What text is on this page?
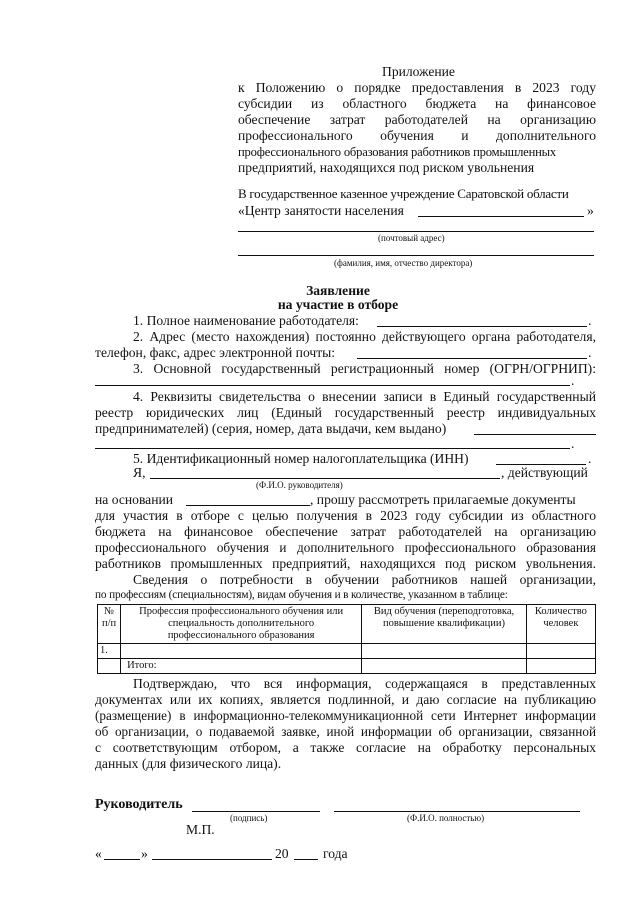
Приложение
к Положению о порядке предоставления в 2023 году
субсидии из областного бюджета на финансовое
обеспечение затрат работодателей на организацию
профессионального обучения и дополнительного
профессионального образования работников промышленных
предприятий, находящихся под риском увольнения
В государственное казенное учреждение Саратовской области
«Центр занятости населения	»
(почтовый адрес)
(фамилия, имя, отчество директора)
Заявление
на участие в отборе
1. Полное наименование работодателя:	.
2. Адрес (место нахождения) постоянно действующего органа работодателя,
телефон, факс, адрес электронной почты:	.
3. Основной государственный регистрационный номер (ОГРН/ОГРНИП):
.
4. Реквизиты свидетельства о внесении записи в Единый государственный
реестр юридических лиц (Единый государственный реестр индивидуальных
предпринимателей) (серия, номер, дата выдачи, кем выдано)
.
5. Идентификационный номер налогоплательщика (ИНН)	.
Я,	, действующий
(Ф.И.О. руководителя)
на основании	, прошу рассмотреть прилагаемые документы
для участия в отборе с целью получения в 2023 году субсидии из областного
бюджета на финансовое обеспечение затрат работодателей на организацию
профессионального обучения и дополнительного профессионального образования
работников промышленных предприятий, находящихся под риском увольнения.
Сведения о потребности в обучении работников нашей организации,
по профессиям (специальностям), видам обучения и в количестве, указанном в таблице:
№ п/п	Профессия профессионального обучения или специальность дополнительного профессионального образования	Вид обучения (переподготовка, повышение квалификации)	Количество человек
1.			
	Итого:		
Подтверждаю, что вся информация, содержащаяся в представленных
документах или их копиях, является подлинной, и даю согласие на публикацию
(размещение) в информационно-телекоммуникационной сети Интернет информации
об организации, о подаваемой заявке, иной информации об организации, связанной
с соответствующим отбором, а также согласие на обработку персональных
данных (для физического лица).
Руководитель
(подпись)	(Ф.И.О. полностью)
М.П.
«	»	20	года
